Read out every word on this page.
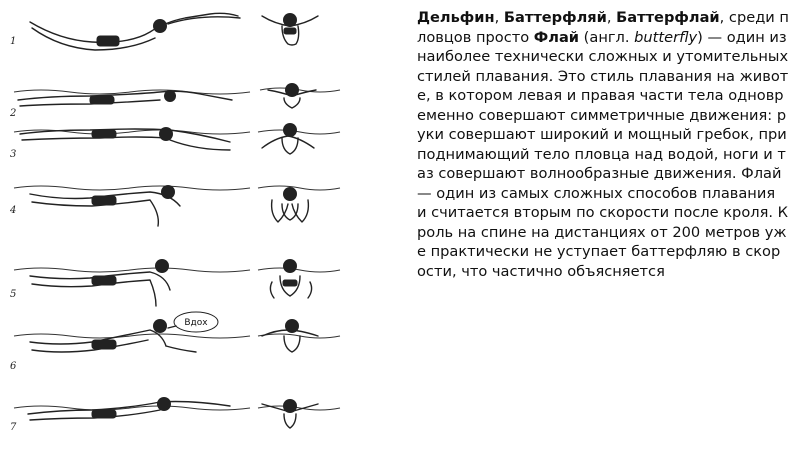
1
2
3
4
5
6
7
Вдох
Дельфин, Баттерфляй, Баттерфлай, среди пловцов просто Флай (англ. butterfly) — один из наиболее технически сложных и утомительных стилей плавания. Это стиль плавания на животе, в котором левая и правая части тела одновременно совершают симметричные движения: руки совершают широкий и мощный гребок, приподнимающий тело пловца над водой, ноги и таз совершают волнообразные движения. Флай — один из самых сложных способов плавания и считается вторым по скорости после кроля. Кроль на спине на дистанциях от 200 метров уже практически не уступает баттерфляю в скорости, что частично объясняется
